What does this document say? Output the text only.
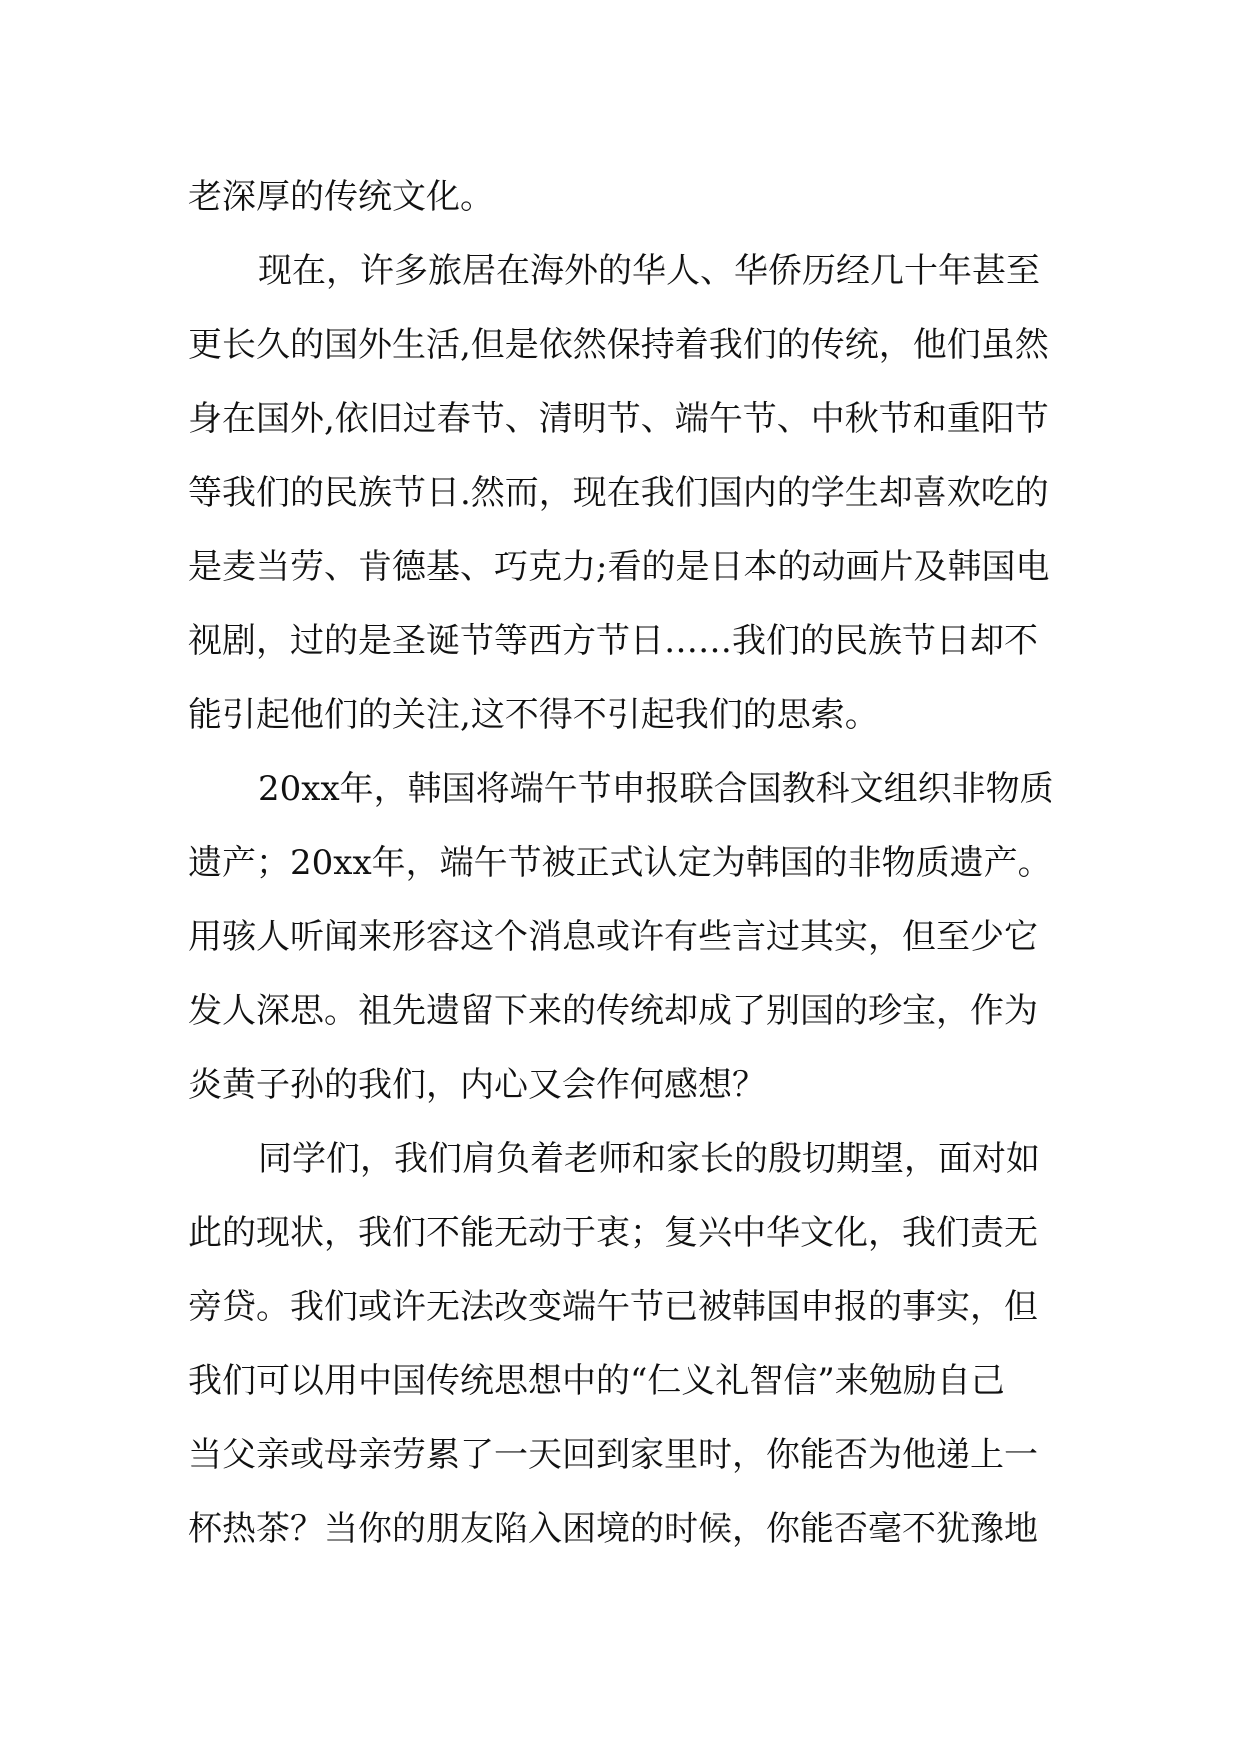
老深厚的传统文化。
现在，许多旅居在海外的华人、华侨历经几十年甚至
更长久的国外生活,但是依然保持着我们的传统，他们虽然
身在国外,依旧过春节、清明节、端午节、中秋节和重阳节
等我们的民族节日.然而，现在我们国内的学生却喜欢吃的
是麦当劳、肯德基、巧克力;看的是日本的动画片及韩国电
视剧，过的是圣诞节等西方节日……我们的民族节日却不
能引起他们的关注,这不得不引起我们的思索。
20xx年，韩国将端午节申报联合国教科文组织非物质
遗产；20xx年，端午节被正式认定为韩国的非物质遗产。
用骇人听闻来形容这个消息或许有些言过其实，但至少它
发人深思。祖先遗留下来的传统却成了别国的珍宝，作为
炎黄子孙的我们，内心又会作何感想？
同学们，我们肩负着老师和家长的殷切期望，面对如
此的现状，我们不能无动于衷；复兴中华文化，我们责无
旁贷。我们或许无法改变端午节已被韩国申报的事实，但
我们可以用中国传统思想中的“仁义礼智信”来勉励自己
当父亲或母亲劳累了一天回到家里时，你能否为他递上一
杯热茶？当你的朋友陷入困境的时候，你能否毫不犹豫地
